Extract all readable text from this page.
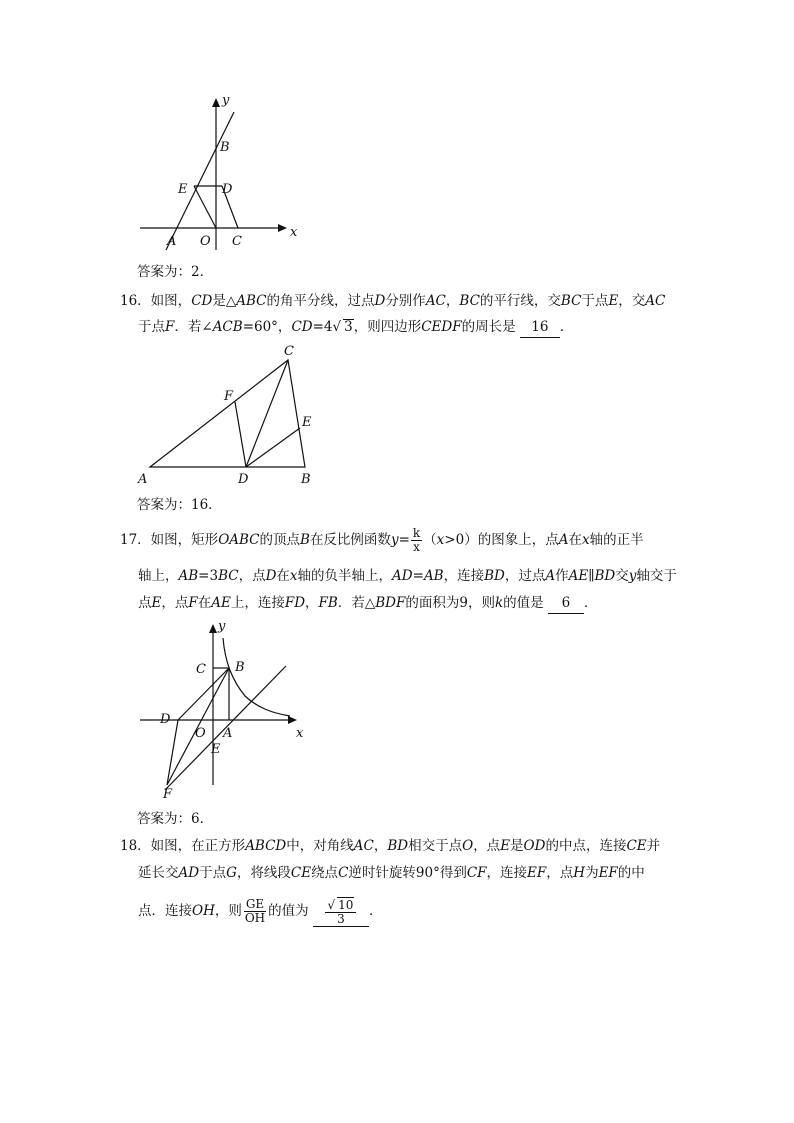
y
B
E	D
A O C
x
答案为：2．
16．如图，CD是△ABC的角平分线，过点D分别作AC，BC的平行线，交BC于点E，交AC
于点F．若∠ACB=60°，CD=4√ 3，则四边形CEDF的周长是 16 ．
C
F
E
A	D	B
答案为：16．
17．如图，矩形OABC的顶点B在反比例函数$y= \frac{k}{x} (x>0)$的图象上，点A在x轴的正半
轴上，AB=3BC，点D在x轴的负半轴上，AD=AB，连接BD，过点A作AE∥BD交y轴交于
点E，点F在AE上，连接FD，FB．若△BDF的面积为9，则k的值是 6 ．
y
C B
D
O A	x
E
F
答案为：6．
18．如图，在正方形ABCD中，对角线AC，BD相交于点O，点E是OD的中点，连接CE并
延长交AD于点G，将线段CE绕点C逆时针旋转90°得到CF，连接EF，点H为EF的中
点．连接OH，则 $\frac{GE}{OH}$ 的值为 $\frac{√ 10}{3}$ ．
